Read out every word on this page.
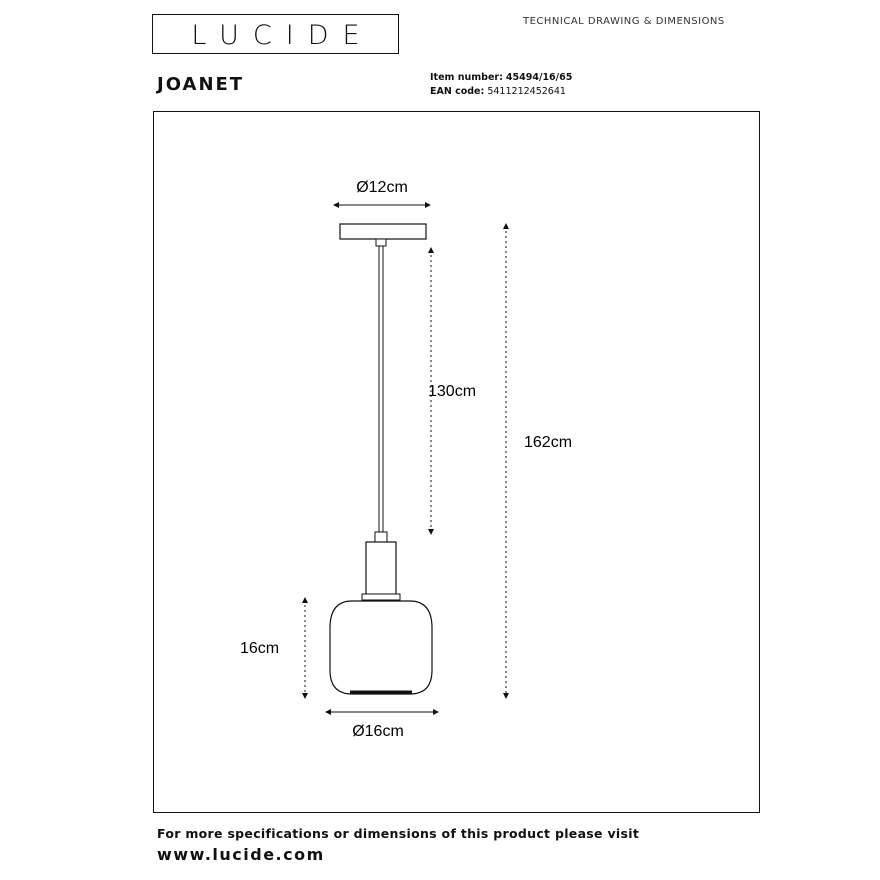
LUCIDE	TECHNICAL DRAWING & DIMENSIONS
JOANET	Item number: 45494/16/65
EAN code: 5411212452641
Ø12cm
130cm
162cm
16cm
Ø16cm
For more specifications or dimensions of this product please visit
www.lucide.com
